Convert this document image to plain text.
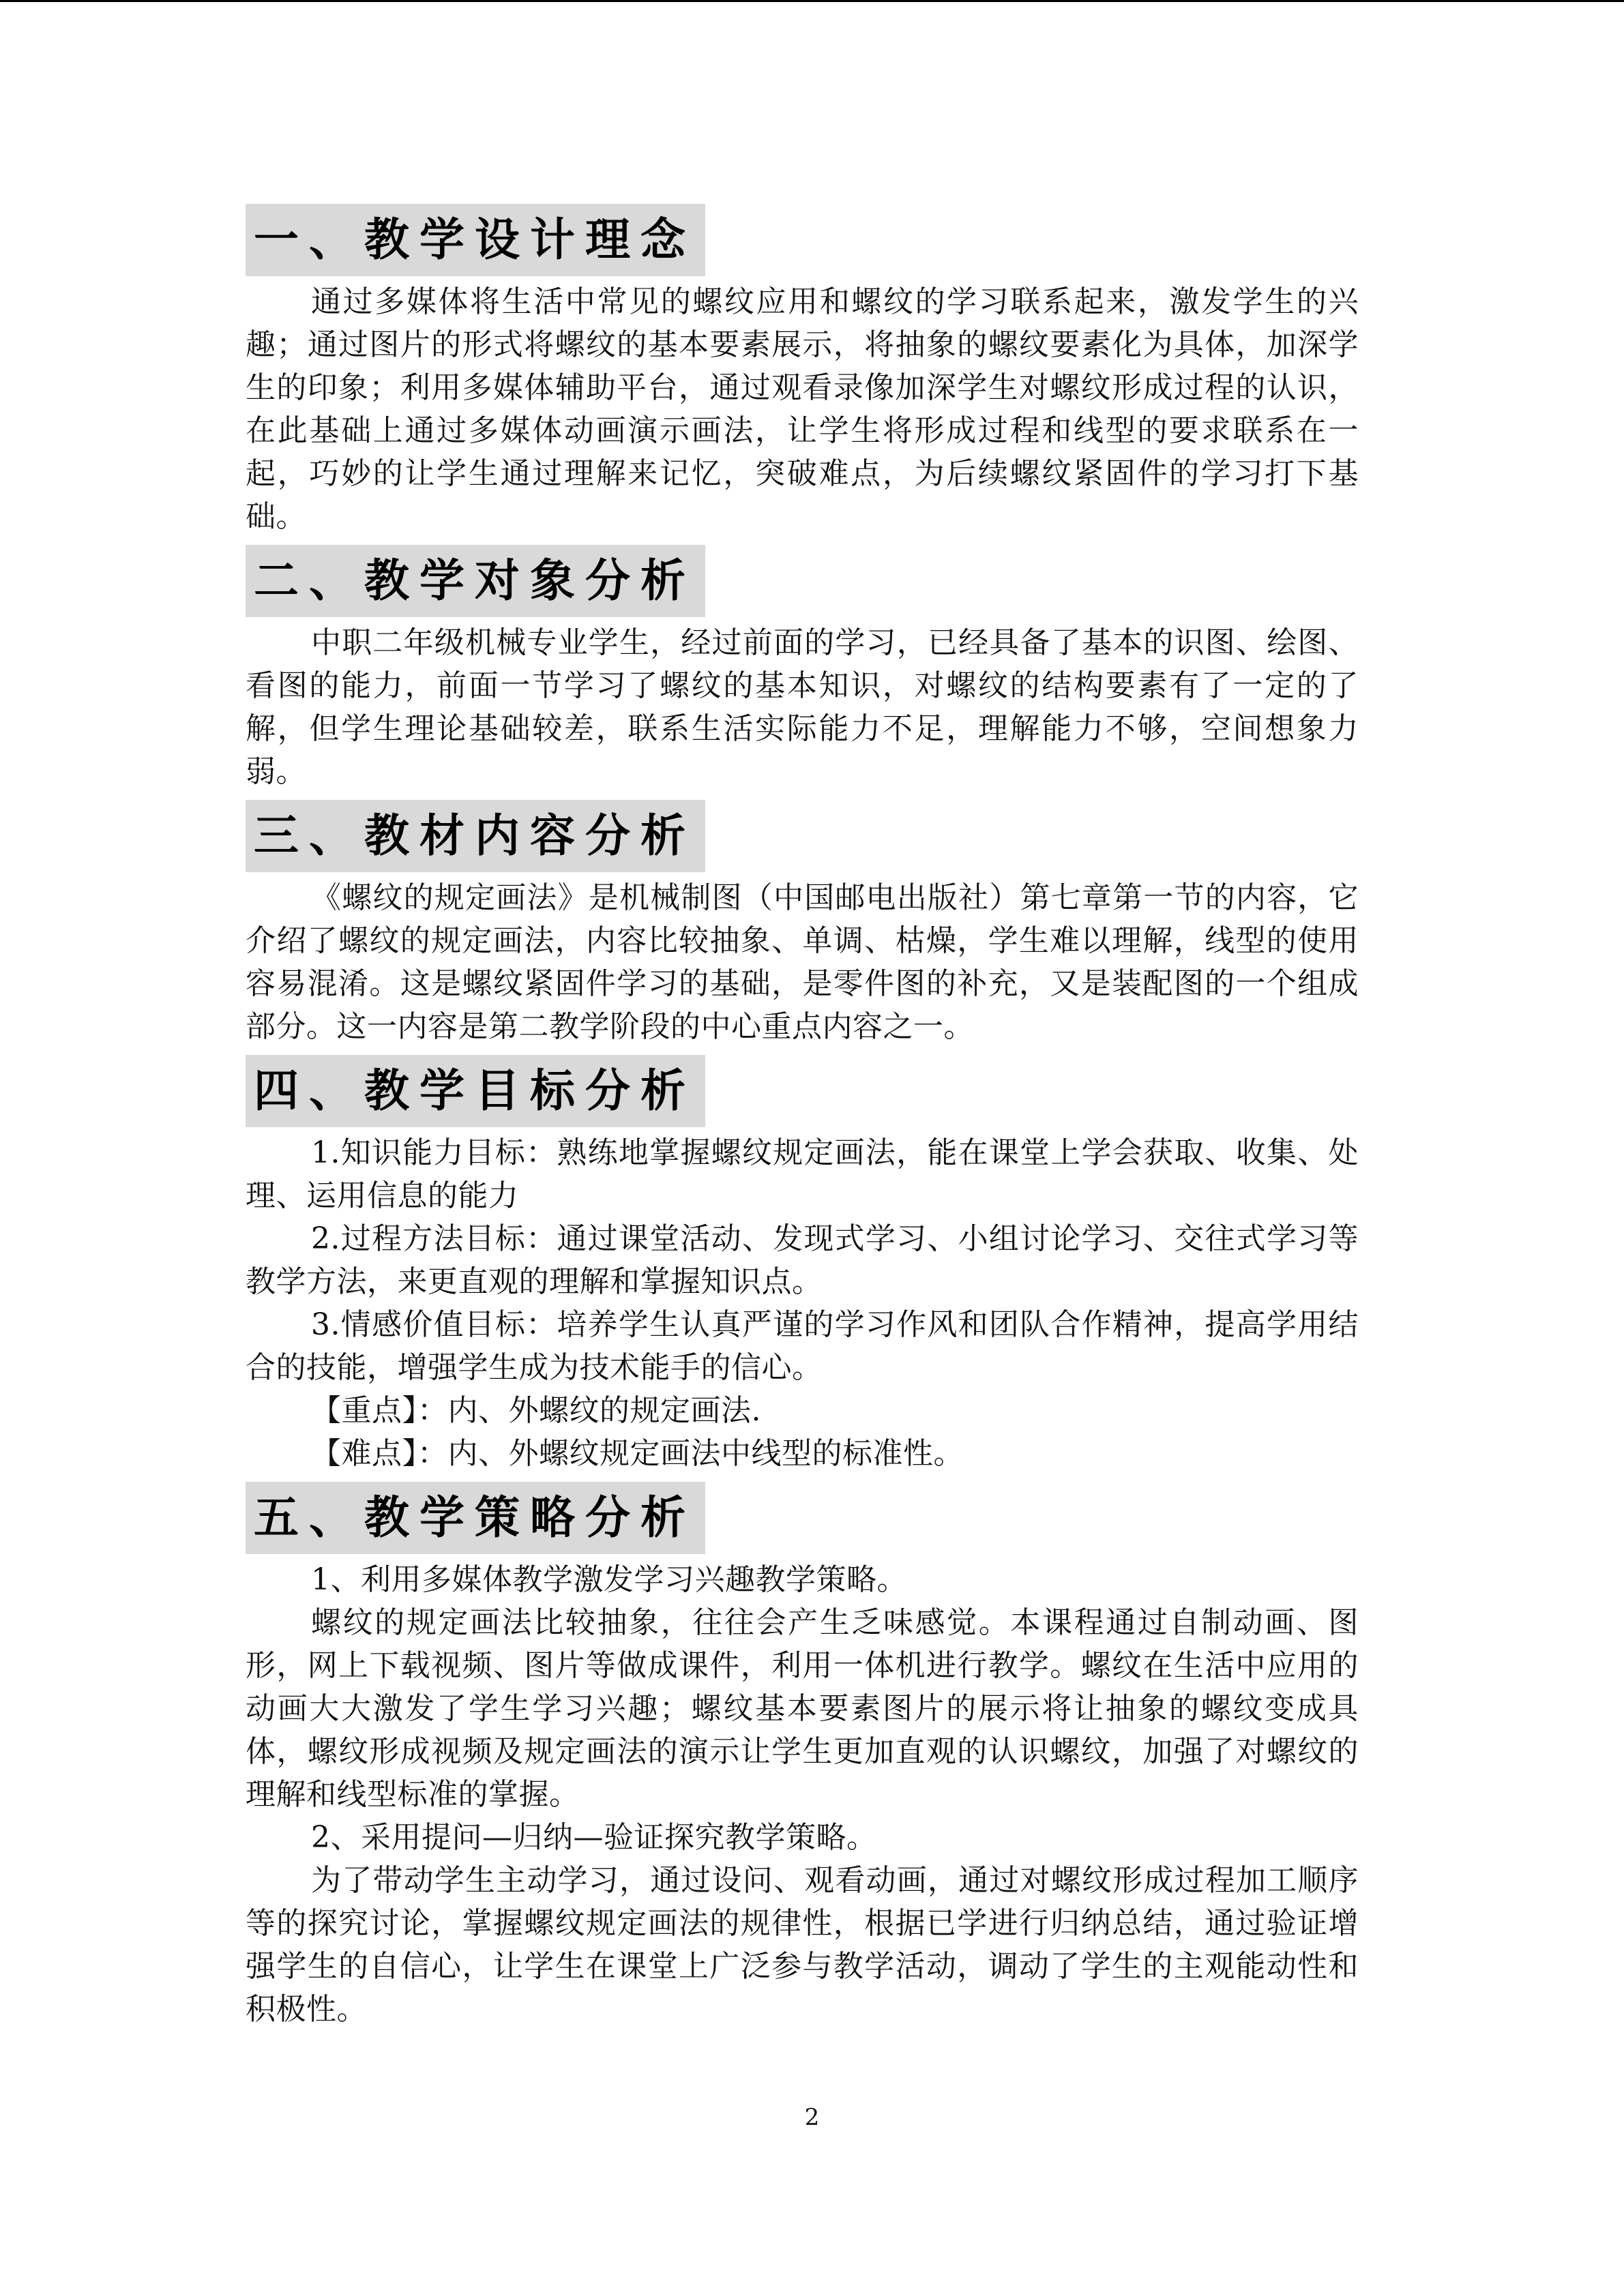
一、教学设计理念

通过多媒体将生活中常见的螺纹应用和螺纹的学习联系起来，激发学生的兴趣；通过图片的形式将螺纹的基本要素展示，将抽象的螺纹要素化为具体，加深学生的印象；利用多媒体辅助平台，通过观看录像加深学生对螺纹形成过程的认识，在此基础上通过多媒体动画演示画法，让学生将形成过程和线型的要求联系在一起，巧妙的让学生通过理解来记忆，突破难点，为后续螺纹紧固件的学习打下基础。

二、教学对象分析

中职二年级机械专业学生，经过前面的学习，已经具备了基本的识图、绘图、看图的能力，前面一节学习了螺纹的基本知识，对螺纹的结构要素有了一定的了解，但学生理论基础较差，联系生活实际能力不足，理解能力不够，空间想象力弱。

三、教材内容分析

《螺纹的规定画法》是机械制图（中国邮电出版社）第七章第一节的内容，它介绍了螺纹的规定画法，内容比较抽象、单调、枯燥，学生难以理解，线型的使用容易混淆。这是螺纹紧固件学习的基础，是零件图的补充，又是装配图的一个组成部分。这一内容是第二教学阶段的中心重点内容之一。

四、教学目标分析

1.知识能力目标：熟练地掌握螺纹规定画法，能在课堂上学会获取、收集、处理、运用信息的能力

2.过程方法目标：通过课堂活动、发现式学习、小组讨论学习、交往式学习等教学方法，来更直观的理解和掌握知识点。

3.情感价值目标：培养学生认真严谨的学习作风和团队合作精神，提高学用结合的技能，增强学生成为技术能手的信心。

【重点】：内、外螺纹的规定画法.

【难点】：内、外螺纹规定画法中线型的标准性。

五、教学策略分析

1、利用多媒体教学激发学习兴趣教学策略。

螺纹的规定画法比较抽象，往往会产生乏味感觉。本课程通过自制动画、图形，网上下载视频、图片等做成课件，利用一体机进行教学。螺纹在生活中应用的动画大大激发了学生学习兴趣；螺纹基本要素图片的展示将让抽象的螺纹变成具体，螺纹形成视频及规定画法的演示让学生更加直观的认识螺纹，加强了对螺纹的理解和线型标准的掌握。

2、采用提问—归纳—验证探究教学策略。

为了带动学生主动学习，通过设问、观看动画，通过对螺纹形成过程加工顺序等的探究讨论，掌握螺纹规定画法的规律性，根据已学进行归纳总结，通过验证增强学生的自信心，让学生在课堂上广泛参与教学活动，调动了学生的主观能动性和积极性。

2
